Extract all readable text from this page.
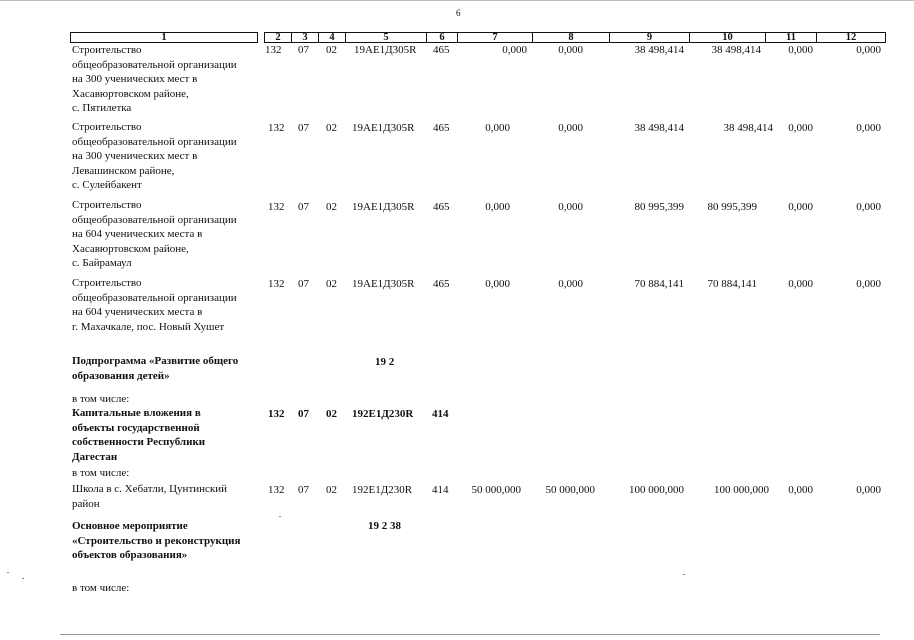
6
1	2	3	4	5	6	7	8	9	10	11	12
Строительство
общеобразовательной организации
на 300 ученических мест в
Хасавюртовском районе,
с. Пятилетка
132 07 02 19АЕ1Д305R 465	0,000	0,000	38 498,414	38 498,414	0,000	0,000
Строительство
общеобразовательной организации
на 300 ученических мест в
Левашинском районе,
с. Сулейбакент
132 07 02 19АЕ1Д305R 465	0,000	0,000	38 498,414	38 498,414	0,000	0,000
Строительство
общеобразовательной организации
на 604 ученических места в
Хасавюртовском районе,
с. Байрамаул
132 07 02 19АЕ1Д305R 465	0,000	0,000	80 995,399	80 995,399	0,000	0,000
Строительство
общеобразовательной организации
на 604 ученических места в
г. Махачкале, пос. Новый Хушет
132 07 02 19АЕ1Д305R 465	0,000	0,000	70 884,141	70 884,141	0,000	0,000
Подпрограмма «Развитие общего
образования детей»
19 2
в том числе:
Капитальные вложения в
объекты государственной
собственности Республики
Дагестан
132 07 02 192Е1Д230R 414
в том числе:
Школа в с. Хебатли, Цунтинский
район
132 07 02 192Е1Д230R 414	50 000,000	50 000,000	100 000,000	100 000,000	0,000	0,000
Основное мероприятие
«Строительство и реконструкция
объектов образования»
19 2 38
в том числе:
